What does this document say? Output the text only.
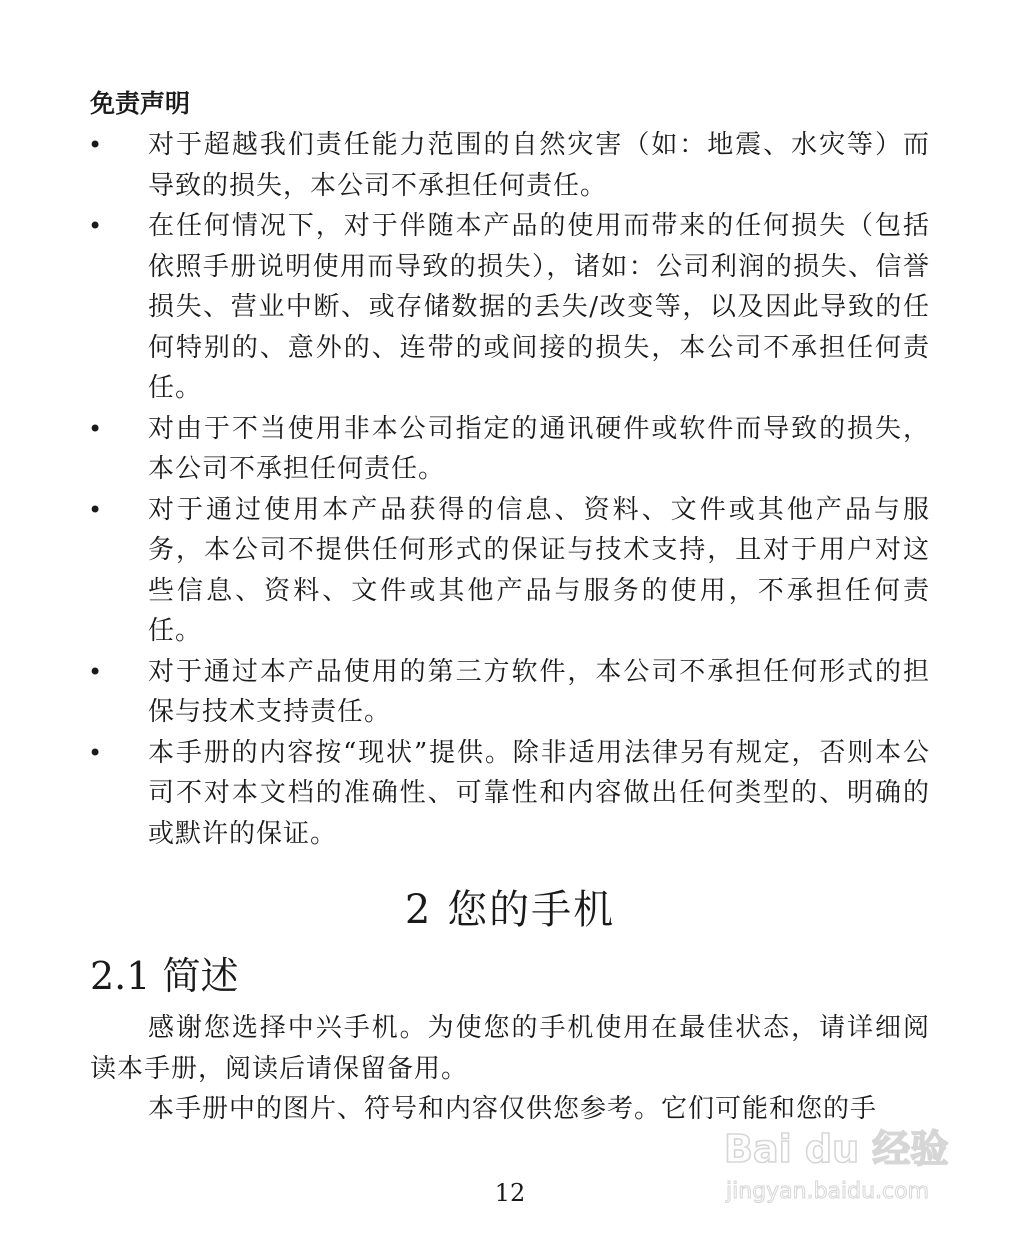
免责声明
• 对于超越我们责任能力范围的自然灾害（如：地震、水灾等）而导致的损失，本公司不承担任何责任。
• 在任何情况下，对于伴随本产品的使用而带来的任何损失（包括依照手册说明使用而导致的损失），诸如：公司利润的损失、信誉损失、营业中断、或存储数据的丢失/改变等，以及因此导致的任何特别的、意外的、连带的或间接的损失，本公司不承担任何责任。
• 对由于不当使用非本公司指定的通讯硬件或软件而导致的损失，本公司不承担任何责任。
• 对于通过使用本产品获得的信息、资料、文件或其他产品与服务，本公司不提供任何形式的保证与技术支持，且对于用户对这些信息、资料、文件或其他产品与服务的使用，不承担任何责任。
• 对于通过本产品使用的第三方软件，本公司不承担任何形式的担保与技术支持责任。
• 本手册的内容按“现状”提供。除非适用法律另有规定，否则本公司不对本文档的准确性、可靠性和内容做出任何类型的、明确的或默许的保证。
2 您的手机
2.1 简述

感谢您选择中兴手机。为使您的手机使用在最佳状态，请详细阅读本手册，阅读后请保留备用。

本手册中的图片、符号和内容仅供您参考。它们可能和您的手

12
Bai du 经验
jingyan.baidu.com
